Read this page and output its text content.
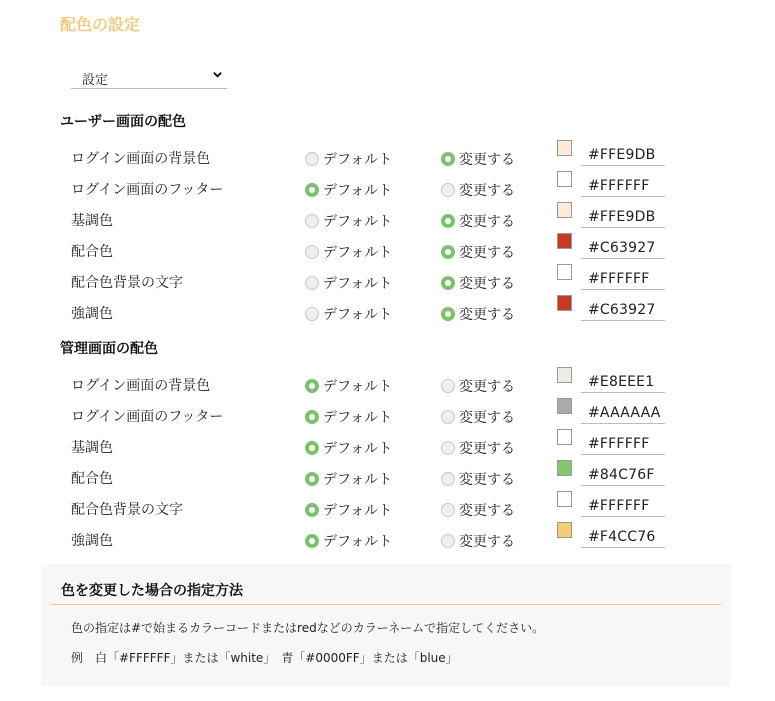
配色の設定
設定
ユーザー画面の配色
ログイン画面の背景色	デフォルト	変更する	#FFE9DB
ログイン画面のフッター	デフォルト	変更する	#FFFFFF
基調色	デフォルト	変更する	#FFE9DB
配合色	デフォルト	変更する	#C63927
配合色背景の文字	デフォルト	変更する	#FFFFFF
強調色	デフォルト	変更する	#C63927
管理画面の配色
ログイン画面の背景色	デフォルト	変更する	#E8EEE1
ログイン画面のフッター	デフォルト	変更する	#AAAAAA
基調色	デフォルト	変更する	#FFFFFF
配合色	デフォルト	変更する	#84C76F
配合色背景の文字	デフォルト	変更する	#FFFFFF
強調色	デフォルト	変更する	#F4CC76
色を変更した場合の指定方法
色の指定は#で始まるカラーコードまたはredなどのカラーネームで指定してください。
例　白「#FFFFFF」または「white」　青「#0000FF」または「blue」
